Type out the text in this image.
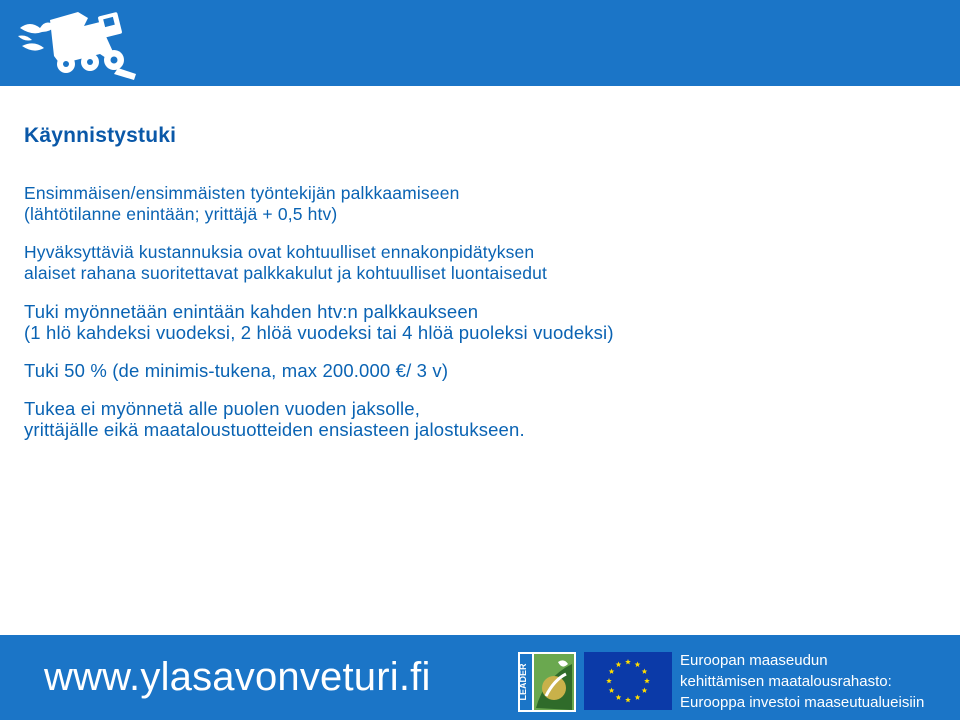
Käynnistystuki
Ensimmäisen/ensimmäisten työntekijän palkkaamiseen
(lähtötilanne enintään; yrittäjä + 0,5 htv)
Hyväksyttäviä kustannuksia ovat kohtuulliset ennakonpidätyksen
alaiset rahana suoritettavat palkkakulut ja kohtuulliset luontaisedut
Tuki myönnetään enintään kahden htv:n palkkaukseen
(1 hlö kahdeksi vuodeksi, 2 hlöä vuodeksi tai 4 hlöä puoleksi vuodeksi)
Tuki 50 % (de minimis-tukena, max 200.000 €/ 3 v)
Tukea ei myönnetä alle puolen vuoden jaksolle,
yrittäjälle eikä maataloustuotteiden ensiasteen jalostukseen.
www.ylasavonveturi.fi	LEADER
Euroopan maaseudun
kehittämisen maatalousrahasto:
Eurooppa investoi maaseutualueisiin
